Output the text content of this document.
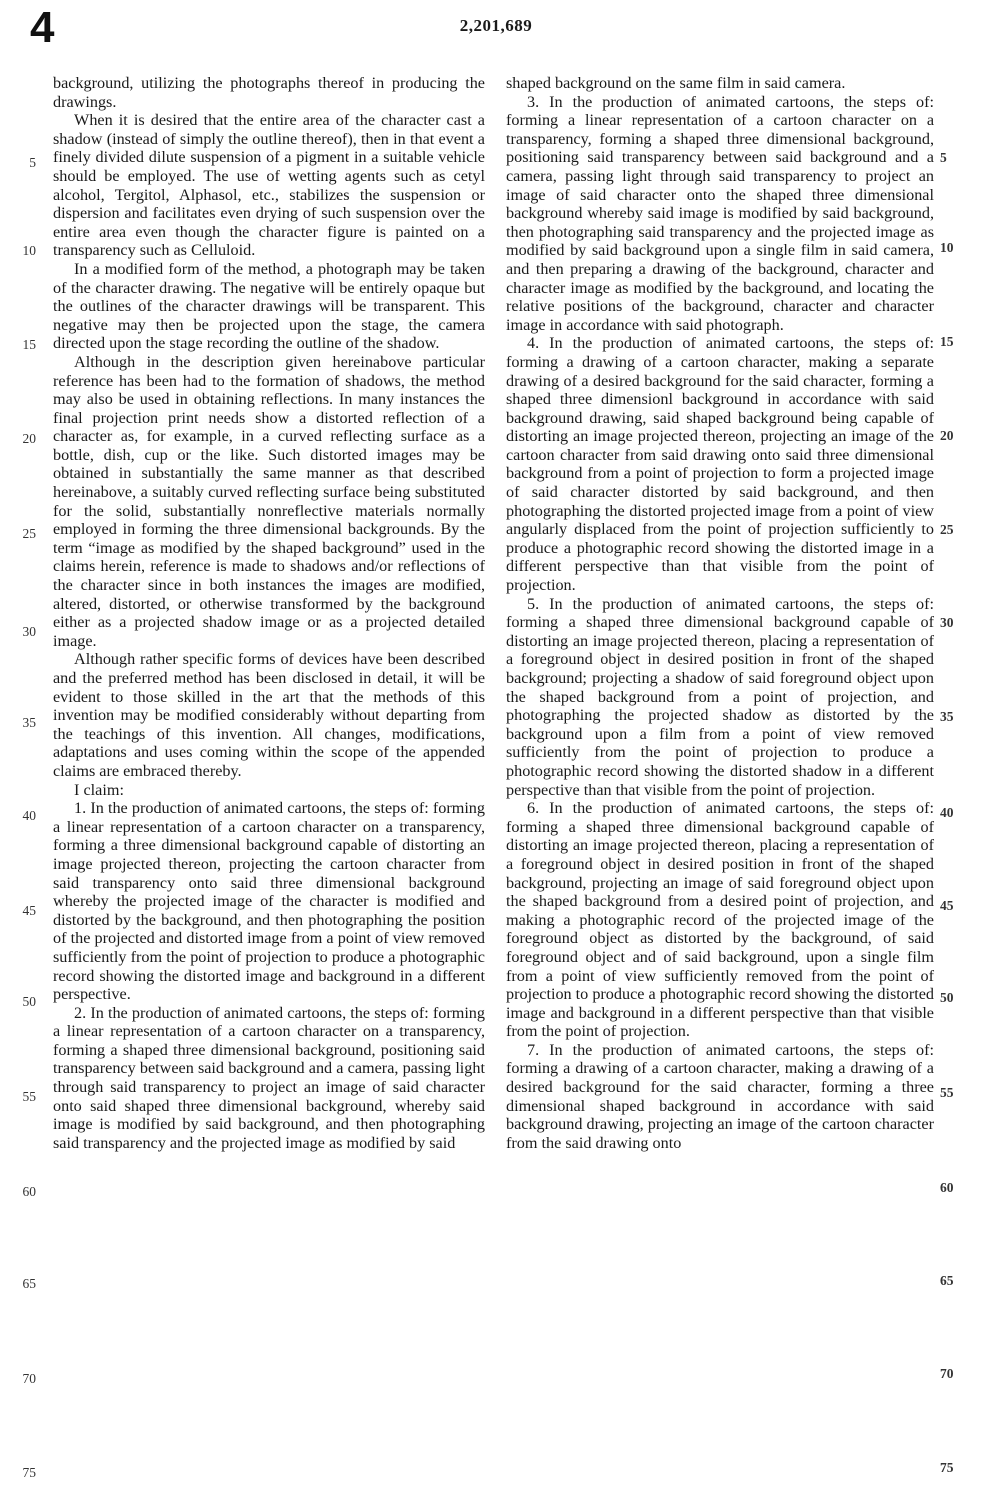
4	2,201,689

background, utilizing the photographs thereof in producing the drawings.

When it is desired that the entire area of the character cast a shadow (instead of simply the outline thereof), then in that event a finely divided dilute suspension of a pigment in a suitable vehicle should be employed. The use of wetting agents such as cetyl alcohol, Tergitol, Alphasol, etc., stabilizes the suspension or dispersion and facilitates even drying of such suspension over the entire area even though the character figure is painted on a transparency such as Celluloid.

In a modified form of the method, a photograph may be taken of the character drawing. The negative will be entirely opaque but the outlines of the character drawings will be transparent. This negative may then be projected upon the stage, the camera directed upon the stage recording the outline of the shadow.

Although in the description given hereinabove particular reference has been had to the formation of shadows, the method may also be used in obtaining reflections. In many instances the final projection print needs show a distorted reflection of a character as, for example, in a curved reflecting surface as a bottle, dish, cup or the like. Such distorted images may be obtained in substantially the same manner as that described hereinabove, a suitably curved reflecting surface being substituted for the solid, substantially nonreflective materials normally employed in forming the three dimensional backgrounds. By the term “image as modified by the shaped background” used in the claims herein, reference is made to shadows and/or reflections of the character since in both instances the images are modified, altered, distorted, or otherwise transformed by the background either as a projected shadow image or as a projected detailed image.

Although rather specific forms of devices have been described and the preferred method has been disclosed in detail, it will be evident to those skilled in the art that the methods of this invention may be modified considerably without departing from the teachings of this invention. All changes, modifications, adaptations and uses coming within the scope of the appended claims are embraced thereby.

I claim:

1. In the production of animated cartoons, the steps of: forming a linear representation of a cartoon character on a transparency, forming a three dimensional background capable of distorting an image projected thereon, projecting the cartoon character from said transparency onto said three dimensional background whereby the projected image of the character is modified and distorted by the background, and then photographing the position of the projected and distorted image from a point of view removed sufficiently from the point of projection to produce a photographic record showing the distorted image and background in a different perspective.

2. In the production of animated cartoons, the steps of: forming a linear representation of a cartoon character on a transparency, forming a shaped three dimensional background, positioning said transparency between said background and a camera, passing light through said transparency to project an image of said character onto said shaped three dimensional background, whereby said image is modified by said background, and then photographing said transparency and the projected image as modified by said

shaped background on the same film in said camera.

3. In the production of animated cartoons, the steps of: forming a linear representation of a cartoon character on a transparency, forming a shaped three dimensional background, positioning said transparency between said background and a camera, passing light through said transparency to project an image of said character onto the shaped three dimensional background whereby said image is modified by said background, then photographing said transparency and the projected image as modified by said background upon a single film in said camera, and then preparing a drawing of the background, character and character image as modified by the background, and locating the relative positions of the background, character and character image in accordance with said photograph.

4. In the production of animated cartoons, the steps of: forming a drawing of a cartoon character, making a separate drawing of a desired background for the said character, forming a shaped three dimensionl background in accordance with said background drawing, said shaped background being capable of distorting an image projected thereon, projecting an image of the cartoon character from said drawing onto said three dimensional background from a point of projection to form a projected image of said character distorted by said background, and then photographing the distorted projected image from a point of view angularly displaced from the point of projection sufficiently to produce a photographic record showing the distorted image in a different perspective than that visible from the point of projection.

5. In the production of animated cartoons, the steps of: forming a shaped three dimensional background capable of distorting an image projected thereon, placing a representation of a foreground object in desired position in front of the shaped background; projecting a shadow of said foreground object upon the shaped background from a point of projection, and photographing the projected shadow as distorted by the background upon a film from a point of view removed sufficiently from the point of projection to produce a photographic record showing the distorted shadow in a different perspective than that visible from the point of projection.

6. In the production of animated cartoons, the steps of: forming a shaped three dimensional background capable of distorting an image projected thereon, placing a representation of a foreground object in desired position in front of the shaped background, projecting an image of said foreground object upon the shaped background from a desired point of projection, and making a photographic record of the projected image of the foreground object as distorted by the background, of said foreground object and of said background, upon a single film from a point of view sufficiently removed from the point of projection to produce a photographic record showing the distorted image and background in a different perspective than that visible from the point of projection.

7. In the production of animated cartoons, the steps of: forming a drawing of a cartoon character, making a drawing of a desired background for the said character, forming a three dimensional shaped background in accordance with said background drawing, projecting an image of the cartoon character from the said drawing onto

5
10
15
20
25
30
35
40
45
50
55
60
65
70
75
5
10
15
20
25
30
35
40
45
50
55
60
65
70
75
